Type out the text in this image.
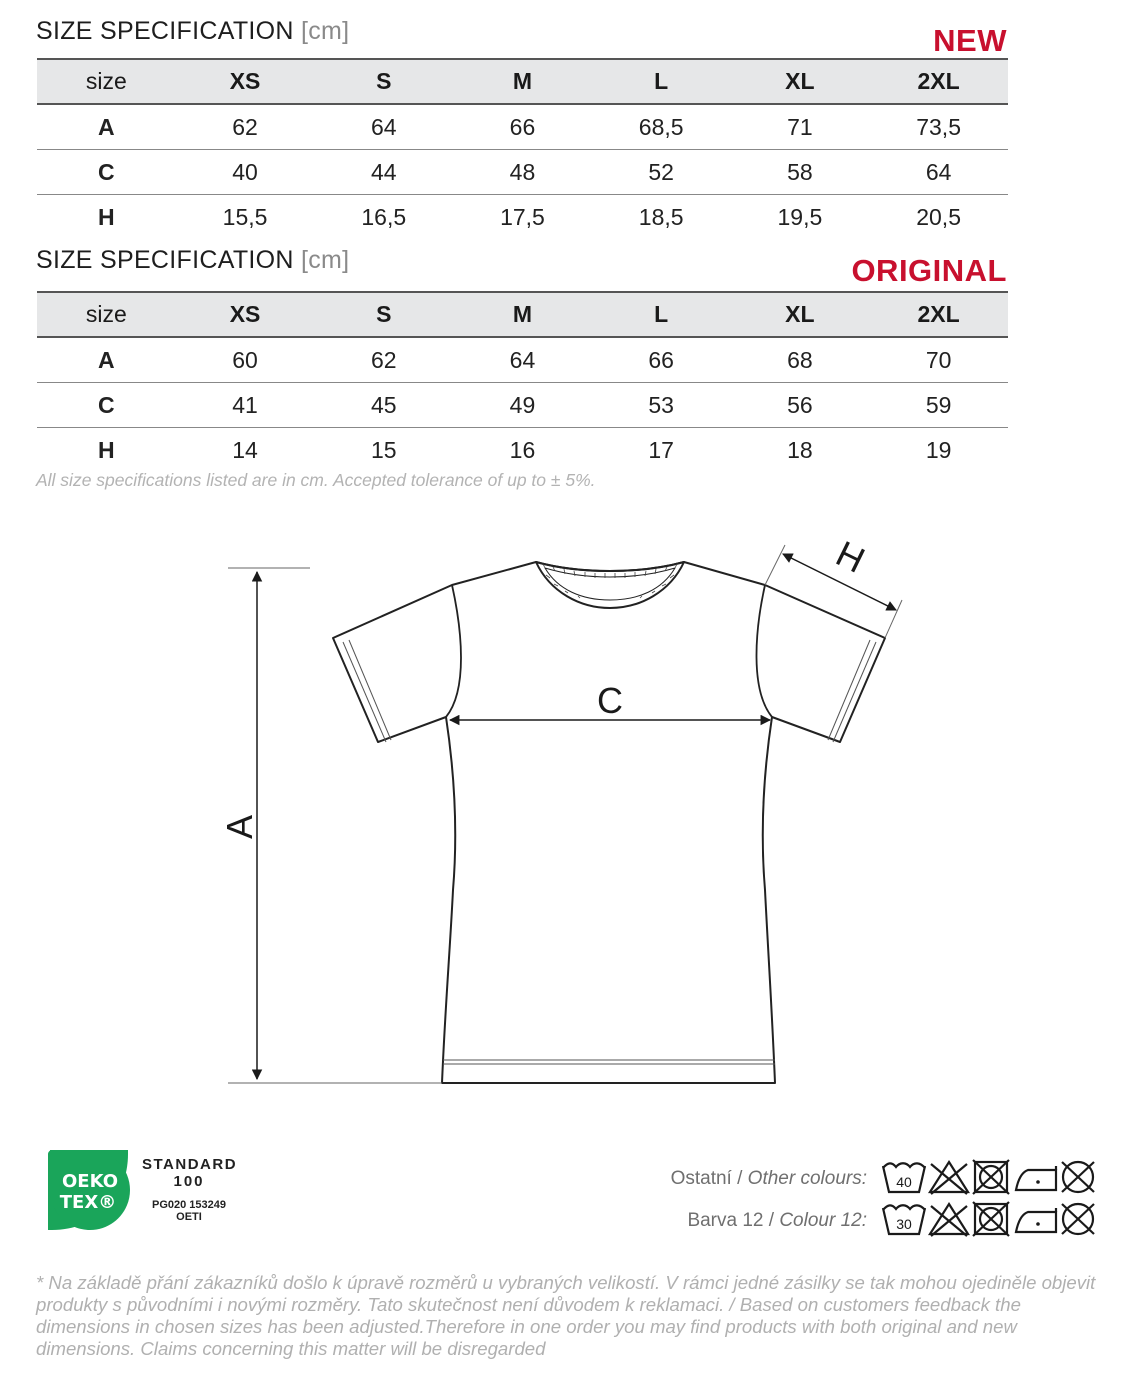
SIZE SPECIFICATION [cm]	NEW
size	XS	S	M	L	XL	2XL
A	62	64	66	68,5	71	73,5
C	40	44	48	52	58	64
H	15,5	16,5	17,5	18,5	19,5	20,5
SIZE SPECIFICATION [cm]	ORIGINAL
size	XS	S	M	L	XL	2XL
A	60	62	64	66	68	70
C	41	45	49	53	56	59
H	14	15	16	17	18	19
All size specifications listed are in cm. Accepted tolerance of up to ± 5%.
A
C
H
OEKO
TEX®
STANDARD
100
PG020 153249
OETI
Ostatní / Other colours:
Barva 12 / Colour 12:
40
30
* Na základě přání zákazníků došlo k úpravě rozměrů u vybraných velikostí. V rámci jedné zásilky se tak mohou ojediněle objevit produkty s původními i novými rozměry. Tato skutečnost není důvodem k reklamaci. / Based on customers feedback the dimensions in chosen sizes has been adjusted.Therefore in one order you may find products with both original and new dimensions. Claims concerning this matter will be disregarded
